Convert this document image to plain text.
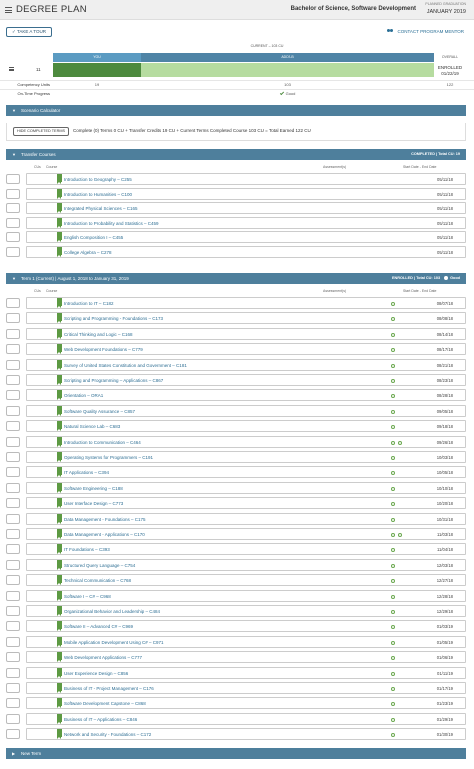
DEGREE PLAN	Bachelor of Science, Software Development
PLANNED GRADUATION
JANUARY 2019
✓ TAKE A TOUR	CONTACT PROGRAM MENTOR
CURRENT – 103 CU
YOU	ADD'LB	OVERALL
11	ENROLLED
01/22/19
Competency Units	19	103	122
On-Time Progress	Good
▼ Scenario Calculator
HIDE COMPLETED TERMS	Complete (0) Terms 0 CU + Transfer Credits 19 CU + Current Terms Completed Course 103 CU = Total Earned 122 CU
▼ Transfer Courses	COMPLETED | Total CU: 19
CUs Course	Assessment(s)	Start Date - End Date
Introduction to Geography – C255	05/11/18
Introduction to Humanities – C100	05/11/18
Integrated Physical Sciences – C165	05/11/18
Introduction to Probability and Statistics – C459	05/11/18
English Composition I – C455	05/11/18
College Algebra – C278	05/11/18
▼ Term 1 (Current) | August 1, 2018 to January 31, 2019	ENROLLED | Total CU: 103	Good
CUs Course	Assessment(s)	Start Date - End Date
Introduction to IT – C182	08/07/18
Scripting and Programming - Foundations – C173	08/08/18
Critical Thinking and Logic – C168	08/14/18
Web Development Foundations – C779	08/17/18
Survey of United States Constitution and Government – C181	08/21/18
Scripting and Programming – Applications – C867	08/23/18
Orientation – ORA1	08/28/18
Software Quality Assurance – C857	09/05/18
Natural Science Lab – C683	09/18/18
Introduction to Communication – C464	09/26/18
Operating Systems for Programmers – C191	10/03/18
IT Applications – C394	10/05/18
Software Engineering – C188	10/10/18
User Interface Design – C773	10/20/18
Data Management - Foundations – C175	10/31/18
Data Management - Applications – C170	11/03/18
IT Foundations – C393	11/04/18
Structured Query Language – C754	12/03/18
Technical Communication – C768	12/27/18
Software I – C# – C968	12/28/18
Organizational Behavior and Leadership – C484	12/29/18
Software II – Advanced C# – C969	01/03/19
Mobile Application Development Using C# – C971	01/05/19
Web Development Applications – C777	01/06/19
User Experience Design – C856	01/11/19
Business of IT - Project Management – C176	01/17/19
Software Development Capstone – C868	01/23/19
Business of IT – Applications – C846	01/29/19
Network and Security - Foundations – C172	01/30/19
▶ New Term
